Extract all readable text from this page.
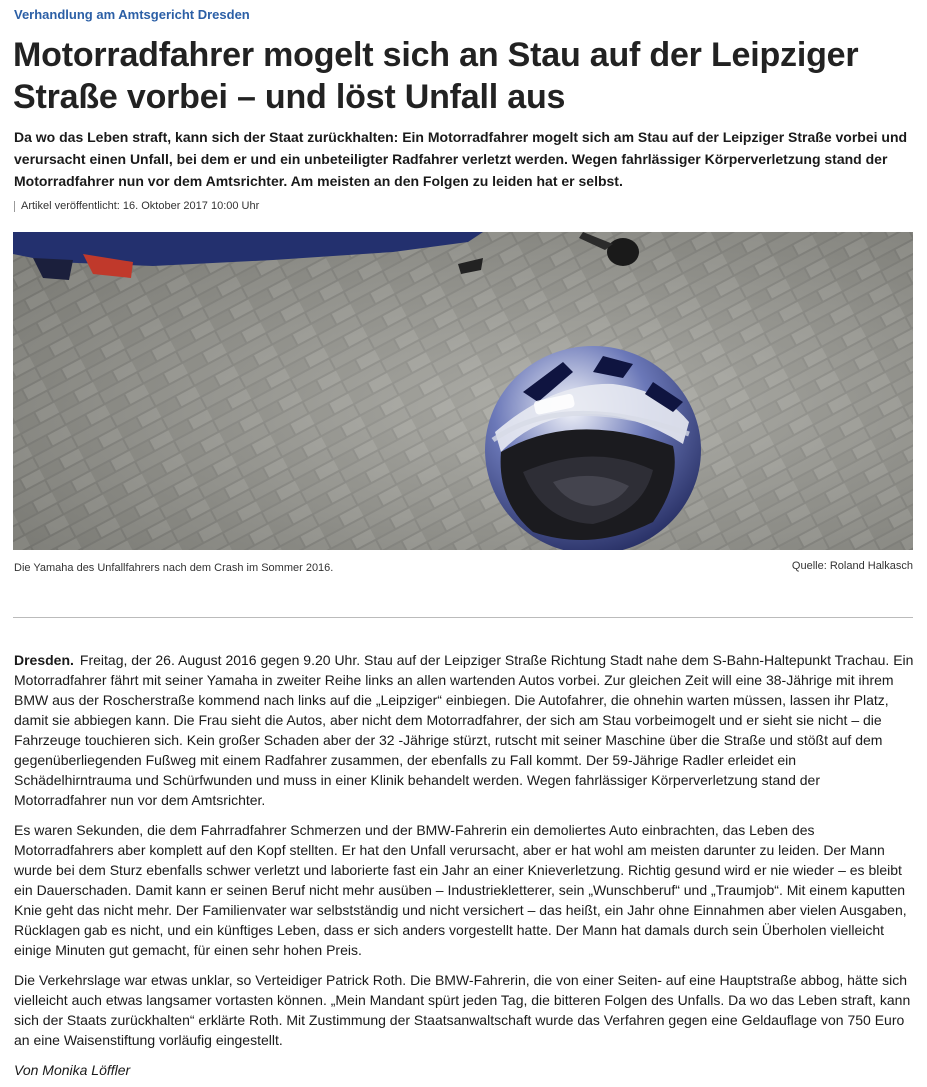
Verhandlung am Amtsgericht Dresden
Motorradfahrer mogelt sich an Stau auf der Leipziger Straße vorbei – und löst Unfall aus
Da wo das Leben straft, kann sich der Staat zurückhalten: Ein Motorradfahrer mogelt sich am Stau auf der Leipziger Straße vorbei und verursacht einen Unfall, bei dem er und ein unbeteiligter Radfahrer verletzt werden. Wegen fahrlässiger Körperverletzung stand der Motorradfahrer nun vor dem Amtsrichter. Am meisten an den Folgen zu leiden hat er selbst.
Artikel veröffentlicht: 16. Oktober 2017 10:00 Uhr
Die Yamaha des Unfallfahrers nach dem Crash im Sommer 2016.	Quelle: Roland Halkasch

Dresden. Freitag, der 26. August 2016 gegen 9.20 Uhr. Stau auf der Leipziger Straße Richtung Stadt nahe dem S-Bahn-Haltepunkt Trachau. Ein Motorradfahrer fährt mit seiner Yamaha in zweiter Reihe links an allen wartenden Autos vorbei. Zur gleichen Zeit will eine 38-Jährige mit ihrem BMW aus der Roscherstraße kommend nach links auf die „Leipziger“ einbiegen. Die Autofahrer, die ohnehin warten müssen, lassen ihr Platz, damit sie abbiegen kann. Die Frau sieht die Autos, aber nicht dem Motorradfahrer, der sich am Stau vorbeimogelt und er sieht sie nicht – die Fahrzeuge touchieren sich. Kein großer Schaden aber der 32 -Jährige stürzt, rutscht mit seiner Maschine über die Straße und stößt auf dem gegenüberliegenden Fußweg mit einem Radfahrer zusammen, der ebenfalls zu Fall kommt. Der 59-Jährige Radler erleidet ein Schädelhirntrauma und Schürfwunden und muss in einer Klinik behandelt werden. Wegen fahrlässiger Körperverletzung stand der Motorradfahrer nun vor dem Amtsrichter.

Es waren Sekunden, die dem Fahrradfahrer Schmerzen und der BMW-Fahrerin ein demoliertes Auto einbrachten, das Leben des Motorradfahrers aber komplett auf den Kopf stellten. Er hat den Unfall verursacht, aber er hat wohl am meisten darunter zu leiden. Der Mann wurde bei dem Sturz ebenfalls schwer verletzt und laborierte fast ein Jahr an einer Knieverletzung. Richtig gesund wird er nie wieder – es bleibt ein Dauerschaden. Damit kann er seinen Beruf nicht mehr ausüben – Industriekletterer, sein „Wunschberuf“ und „Traumjob“. Mit einem kaputten Knie geht das nicht mehr. Der Familienvater war selbstständig und nicht versichert – das heißt, ein Jahr ohne Einnahmen aber vielen Ausgaben, Rücklagen gab es nicht, und ein künftiges Leben, dass er sich anders vorgestellt hatte. Der Mann hat damals durch sein Überholen vielleicht einige Minuten gut gemacht, für einen sehr hohen Preis.

Die Verkehrslage war etwas unklar, so Verteidiger Patrick Roth. Die BMW-Fahrerin, die von einer Seiten- auf eine Hauptstraße abbog, hätte sich vielleicht auch etwas langsamer vortasten können. „Mein Mandant spürt jeden Tag, die bitteren Folgen des Unfalls. Da wo das Leben straft, kann sich der Staats zurückhalten“ erklärte Roth. Mit Zustimmung der Staatsanwaltschaft wurde das Verfahren gegen eine Geldauflage von 750 Euro an eine Waisenstiftung vorläufig eingestellt.

Von Monika Löffler
